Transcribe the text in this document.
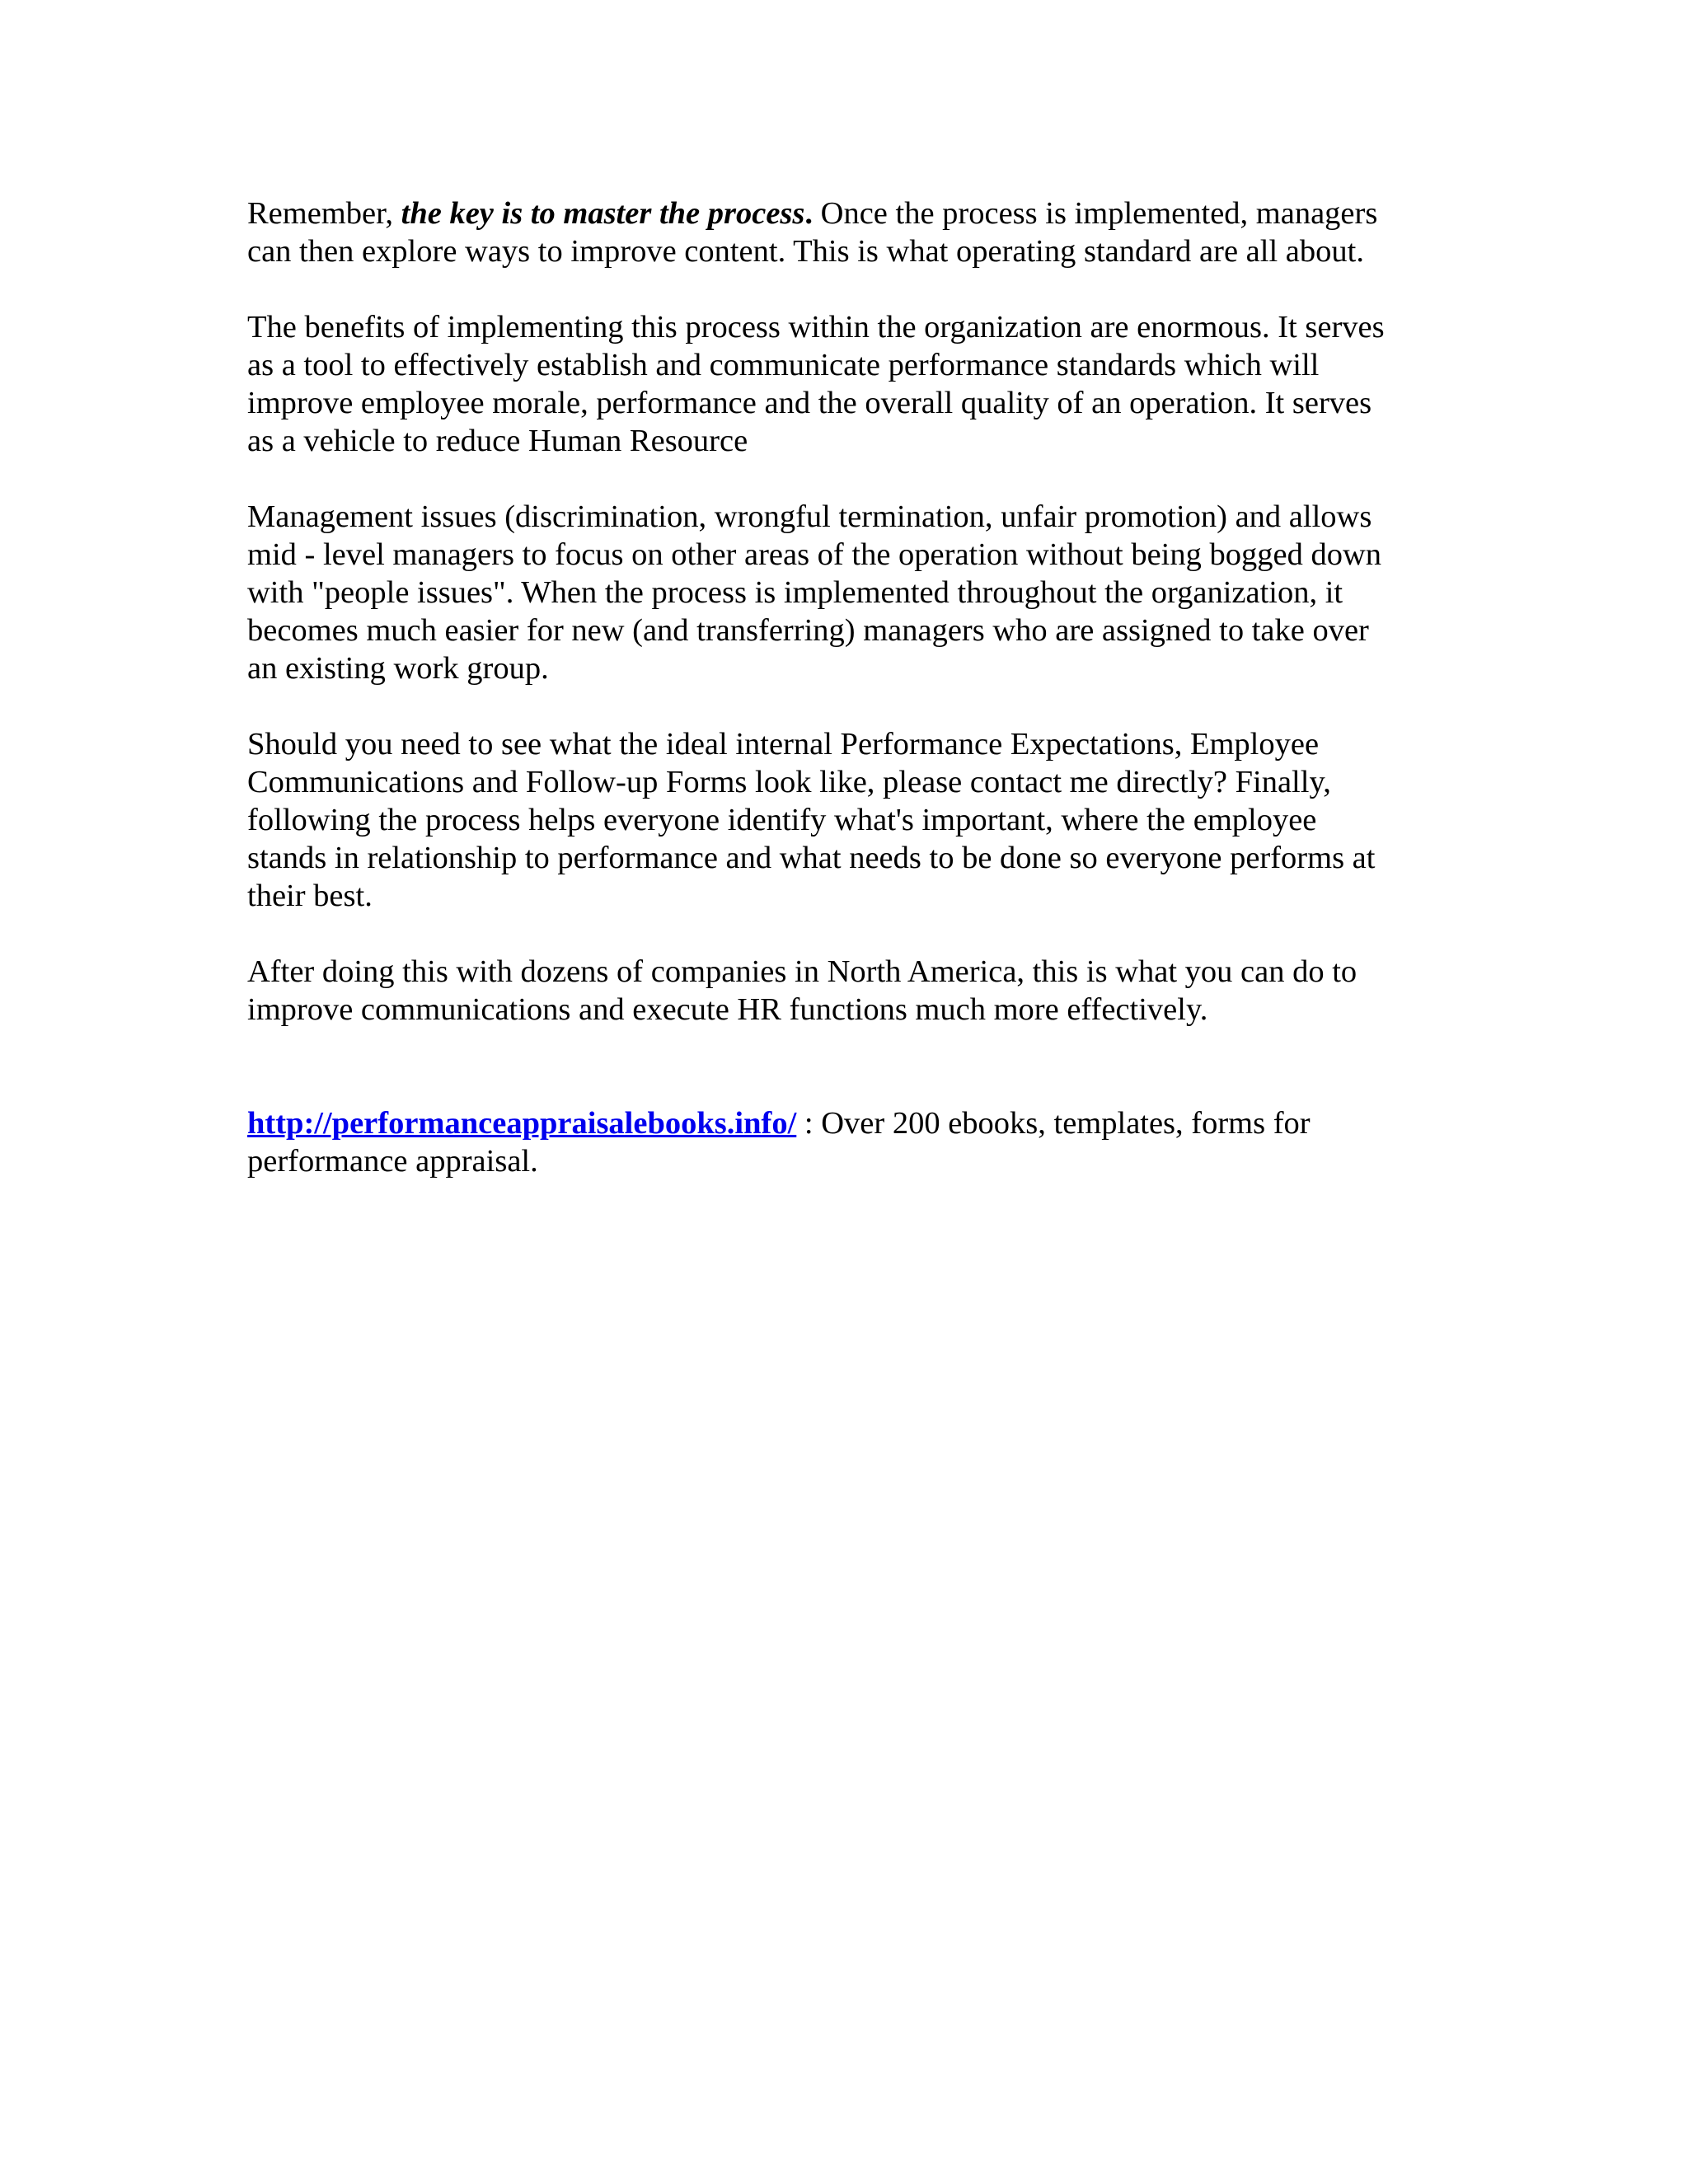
Remember, the key is to master the process. Once the process is implemented, managers
can then explore ways to improve content. This is what operating standard are all about.
The benefits of implementing this process within the organization are enormous. It serves
as a tool to effectively establish and communicate performance standards which will
improve employee morale, performance and the overall quality of an operation. It serves
as a vehicle to reduce Human Resource
Management issues (discrimination, wrongful termination, unfair promotion) and allows
mid - level managers to focus on other areas of the operation without being bogged down
with "people issues". When the process is implemented throughout the organization, it
becomes much easier for new (and transferring) managers who are assigned to take over
an existing work group.
Should you need to see what the ideal internal Performance Expectations, Employee
Communications and Follow-up Forms look like, please contact me directly? Finally,
following the process helps everyone identify what's important, where the employee
stands in relationship to performance and what needs to be done so everyone performs at
their best.
After doing this with dozens of companies in North America, this is what you can do to
improve communications and execute HR functions much more effectively.
http://performanceappraisalebooks.info/ : Over 200 ebooks, templates, forms for
performance appraisal.
